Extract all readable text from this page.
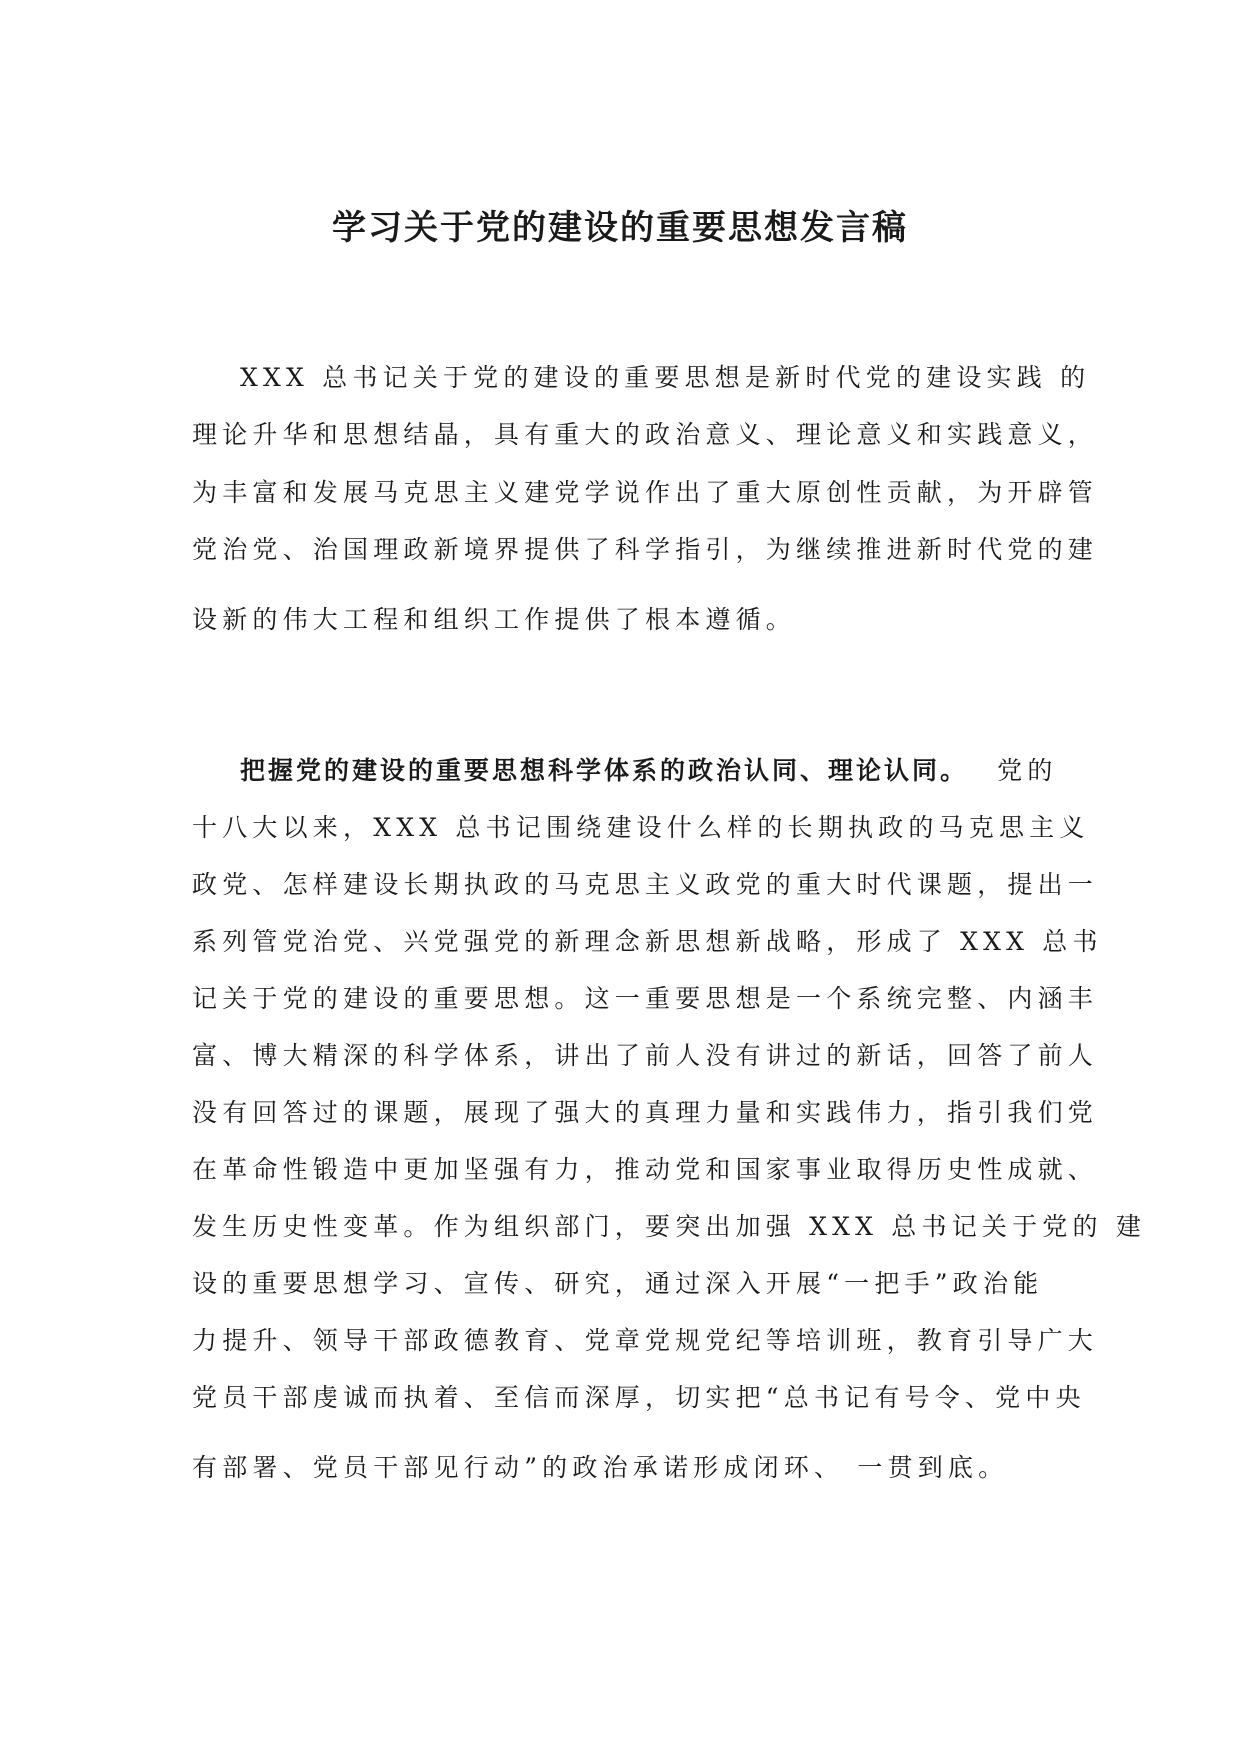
学习关于党的建设的重要思想发言稿
XXX 总书记关于党的建设的重要思想是新时代党的建设实践 的
理论升华和思想结晶，具有重大的政治意义、理论意义和实践意义，
为丰富和发展马克思主义建党学说作出了重大原创性贡献，为开辟管
党治党、治国理政新境界提供了科学指引，为继续推进新时代党的建
设新的伟大工程和组织工作提供了根本遵循。
把握党的建设的重要思想科学体系的政治认同、理论认同。 党的
十八大以来，XXX 总书记围绕建设什么样的长期执政的马克思主义
政党、怎样建设长期执政的马克思主义政党的重大时代课题，提出一
系列管党治党、兴党强党的新理念新思想新战略，形成了 XXX 总书
记关于党的建设的重要思想。这一重要思想是一个系统完整、内涵丰
富、博大精深的科学体系，讲出了前人没有讲过的新话，回答了前人
没有回答过的课题，展现了强大的真理力量和实践伟力，指引我们党
在革命性锻造中更加坚强有力，推动党和国家事业取得历史性成就、
发生历史性变革。作为组织部门，要突出加强 XXX 总书记关于党的 建
设的重要思想学习、宣传、研究，通过深入开展“一把手”政治能
力提升、领导干部政德教育、党章党规党纪等培训班，教育引导广大
党员干部虔诚而执着、至信而深厚，切实把“总书记有号令、党中央
有部署、党员干部见行动”的政治承诺形成闭环、 一贯到底。
